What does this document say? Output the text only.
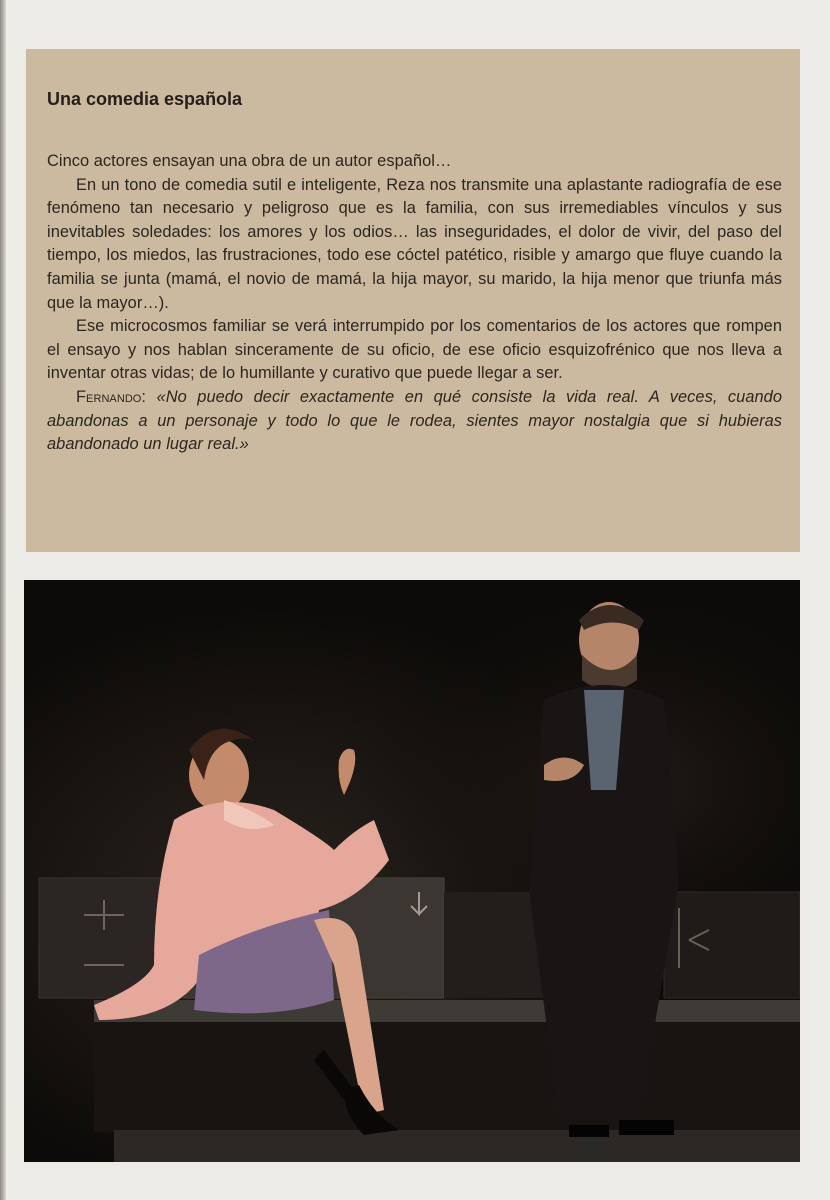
Una comedia española

Cinco actores ensayan una obra de un autor español…

En un tono de comedia sutil e inteligente, Reza nos transmite una aplastante radiografía de ese fenómeno tan necesario y peligroso que es la familia, con sus irremediables vínculos y sus inevitables soledades: los amores y los odios… las inseguridades, el dolor de vivir, del paso del tiempo, los miedos, las frustraciones, todo ese cóctel patético, risible y amargo que fluye cuando la familia se junta (mamá, el novio de mamá, la hija mayor, su marido, la hija menor que triunfa más que la mayor…).

Ese microcosmos familiar se verá interrumpido por los comentarios de los actores que rompen el ensayo y nos hablan sinceramente de su oficio, de ese oficio esquizofrénico que nos lleva a inventar otras vidas; de lo humillante y curativo que puede llegar a ser.

Fernando: «No puedo decir exactamente en qué consiste la vida real. A veces, cuando abandonas a un personaje y todo lo que le rodea, sientes mayor nostalgia que si hubieras abandonado un lugar real.»
